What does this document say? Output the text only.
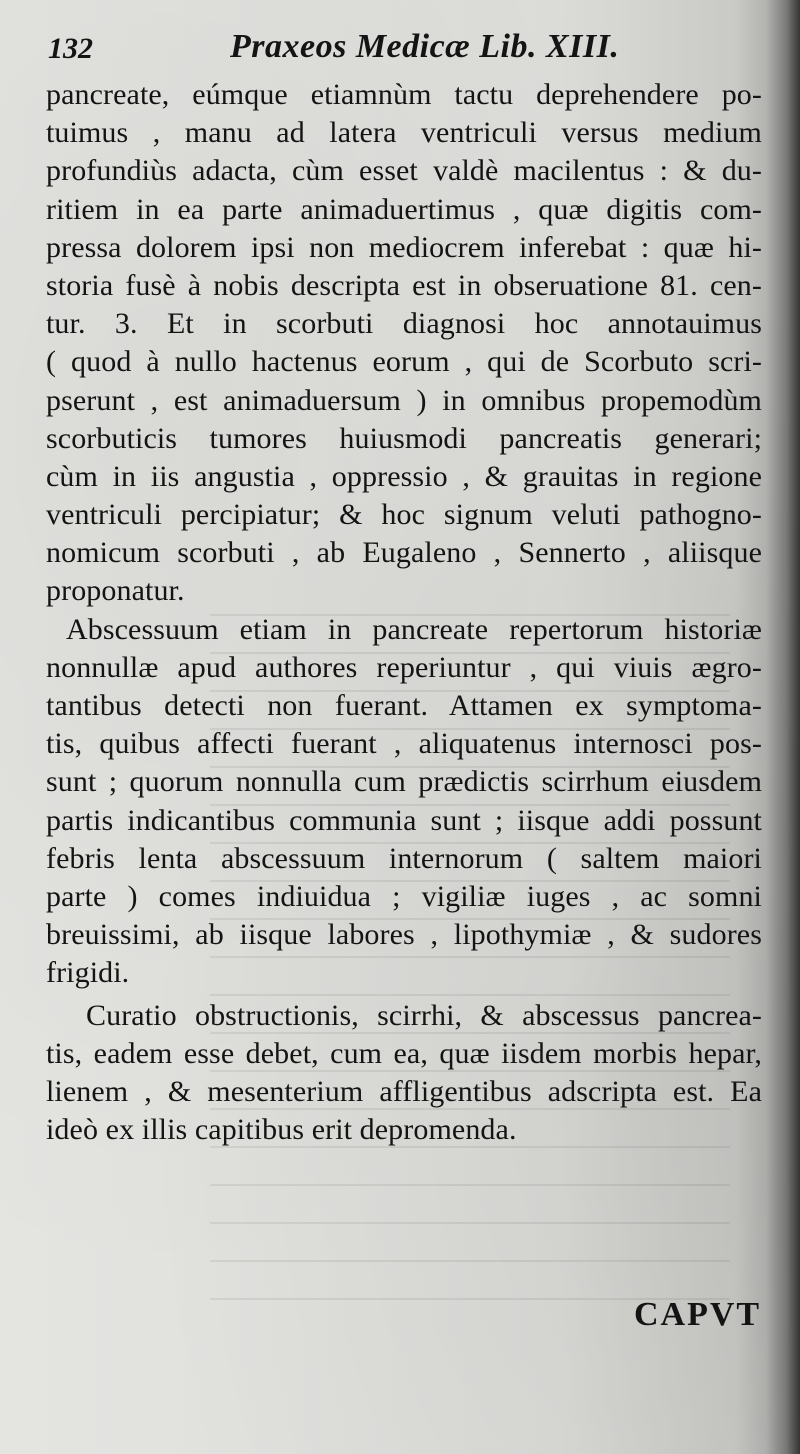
132	Praxeos Medicæ Lib. XIII.
pancreate, eúmque etiamnùm tactu deprehendere po-
tuimus , manu ad latera ventriculi versus medium
profundiùs adacta, cùm esset valdè macilentus : & du-
ritiem in ea parte animaduertimus , quæ digitis com-
pressa dolorem ipsi non mediocrem inferebat : quæ hi-
storia fusè à nobis descripta est in obseruatione 81. cen-
tur. 3. Et in scorbuti diagnosi hoc annotauimus
( quod à nullo hactenus eorum , qui de Scorbuto scri-
pserunt , est animaduersum ) in omnibus propemodùm
scorbuticis tumores huiusmodi pancreatis generari;
cùm in iis angustia , oppressio , & grauitas in regione
ventriculi percipiatur; & hoc signum veluti pathogno-
nomicum scorbuti , ab Eugaleno , Sennerto , aliisque
proponatur.
Abscessuum etiam in pancreate repertorum historiæ
nonnullæ apud authores reperiuntur , qui viuis ægro-
tantibus detecti non fuerant. Attamen ex symptoma-
tis, quibus affecti fuerant , aliquatenus internosci pos-
sunt ; quorum nonnulla cum prædictis scirrhum eiusdem
partis indicantibus communia sunt ; iisque addi possunt
febris lenta abscessuum internorum ( saltem maiori
parte ) comes indiuidua ; vigiliæ iuges , ac somni
breuissimi, ab iisque labores , lipothymiæ , & sudores
frigidi.
Curatio obstructionis, scirrhi, & abscessus pancrea-
tis, eadem esse debet, cum ea, quæ iisdem morbis hepar,
lienem , & mesenterium affligentibus adscripta est. Ea
ideò ex illis capitibus erit depromenda.
CAPVT
